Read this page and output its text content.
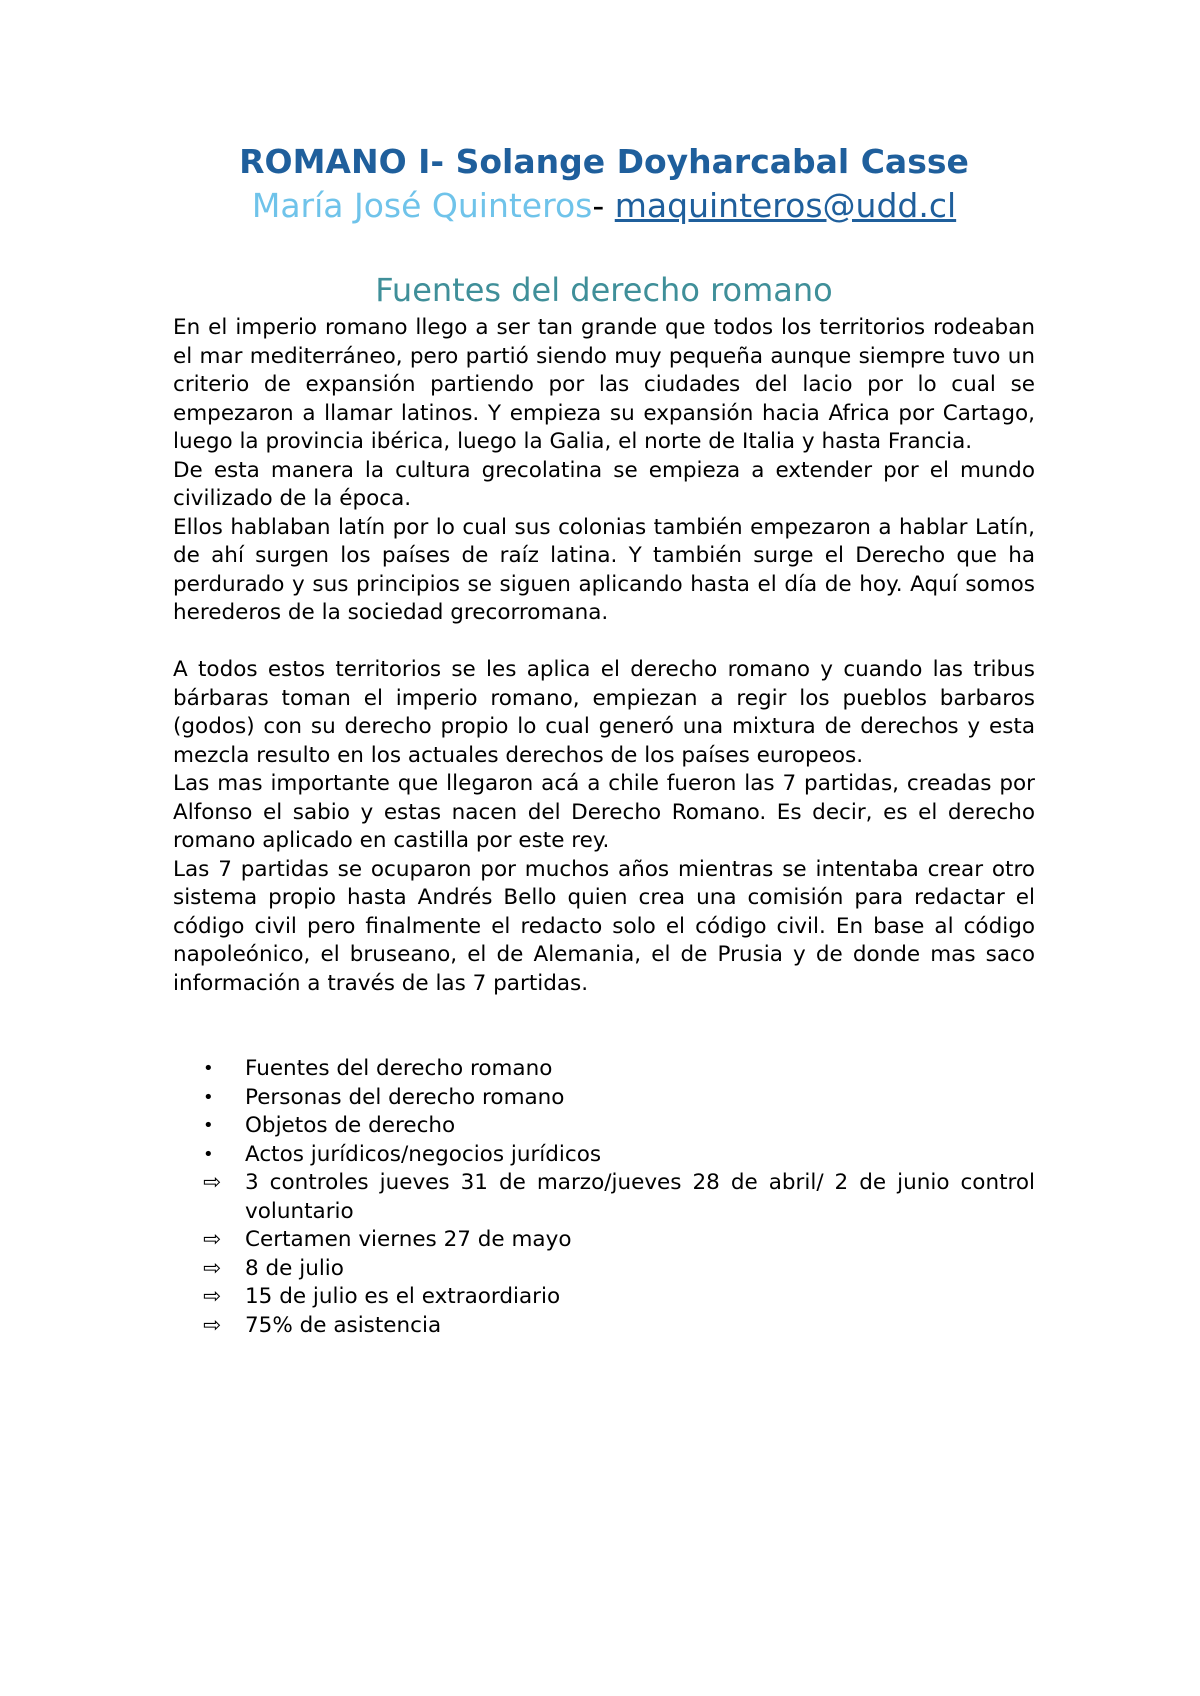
ROMANO I- Solange Doyharcabal Casse

María José Quinteros- maquinteros@udd.cl

Fuentes del derecho romano

En el imperio romano llego a ser tan grande que todos los territorios rodeaban el mar mediterráneo, pero partió siendo muy pequeña aunque siempre tuvo un criterio de expansión partiendo por las ciudades del lacio por lo cual se empezaron a llamar latinos. Y empieza su expansión hacia Africa por Cartago, luego la provincia ibérica, luego la Galia, el norte de Italia y hasta Francia.

De esta manera la cultura grecolatina se empieza a extender por el mundo civilizado de la época.

Ellos hablaban latín por lo cual sus colonias también empezaron a hablar Latín, de ahí surgen los países de raíz latina. Y también surge el Derecho que ha perdurado y sus principios se siguen aplicando hasta el día de hoy. Aquí somos herederos de la sociedad grecorromana.

A todos estos territorios se les aplica el derecho romano y cuando las tribus bárbaras toman el imperio romano, empiezan a regir los pueblos barbaros (godos) con su derecho propio lo cual generó una mixtura de derechos y esta mezcla resulto en los actuales derechos de los países europeos.

Las mas importante que llegaron acá a chile fueron las 7 partidas, creadas por Alfonso el sabio y estas nacen del Derecho Romano. Es decir, es el derecho romano aplicado en castilla por este rey.

Las 7 partidas se ocuparon por muchos años mientras se intentaba crear otro sistema propio hasta Andrés Bello quien crea una comisión para redactar el código civil pero finalmente el redacto solo el código civil. En base al código napoleónico, el bruseano, el de Alemania, el de Prusia y de donde mas saco información a través de las 7 partidas.

•	Fuentes del derecho romano
•	Personas del derecho romano
•	Objetos de derecho
•	Actos jurídicos/negocios jurídicos
⇨	3 controles jueves 31 de marzo/jueves 28 de abril/ 2 de junio control voluntario
⇨	Certamen viernes 27 de mayo
⇨	8 de julio
⇨	15 de julio es el extraordiario
⇨	75% de asistencia
